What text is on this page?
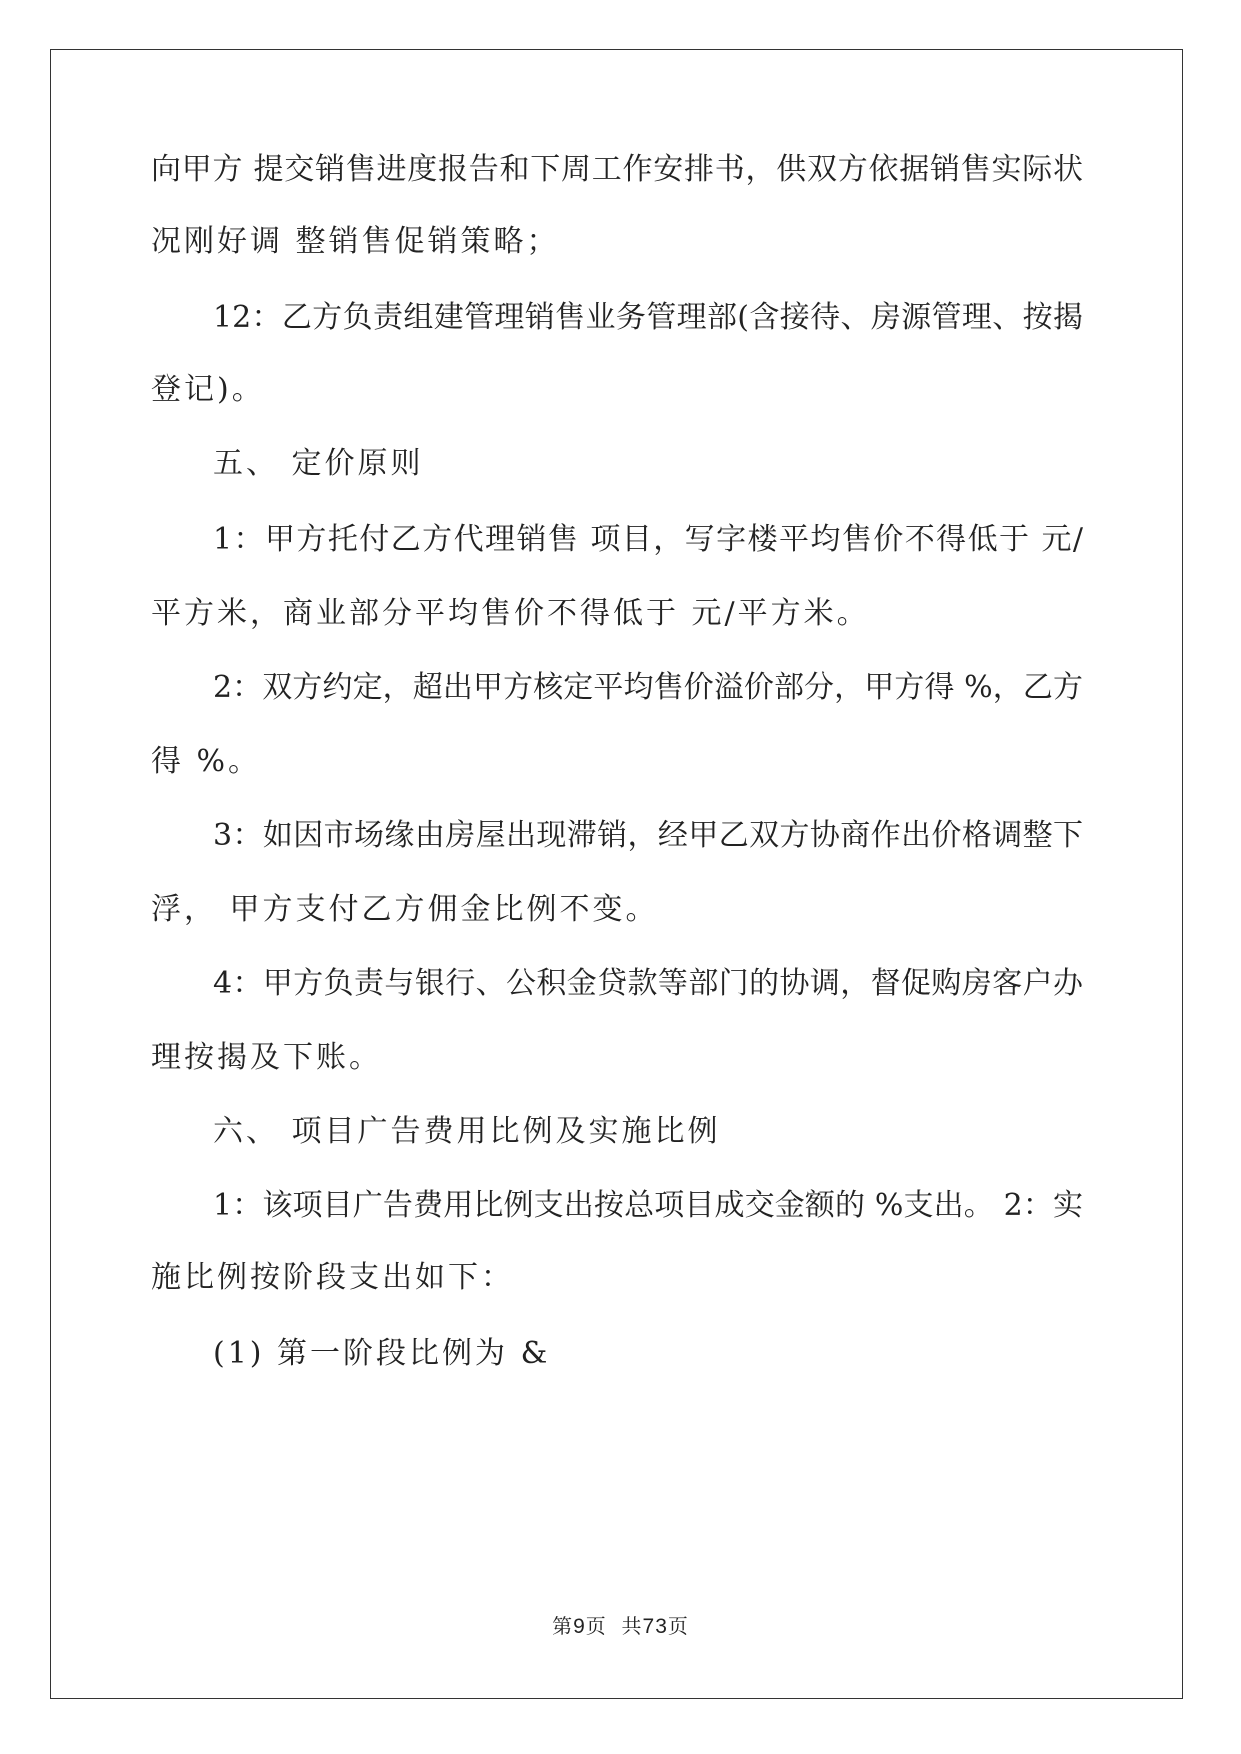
向甲方 提交销售进度报告和下周工作安排书，供双方依据销售实际状
况刚好调 整销售促销策略；
12：乙方负责组建管理销售业务管理部(含接待、房源管理、按揭
登记)。
五、 定价原则
1：甲方托付乙方代理销售 项目，写字楼平均售价不得低于 元/
平方米，商业部分平均售价不得低于 元/平方米。
2：双方约定，超出甲方核定平均售价溢价部分，甲方得 %，乙方
得 %。
3：如因市场缘由房屋出现滞销，经甲乙双方协商作出价格调整下
浮， 甲方支付乙方佣金比例不变。
4：甲方负责与银行、公积金贷款等部门的协调，督促购房客户办
理按揭及下账。
六、 项目广告费用比例及实施比例
1：该项目广告费用比例支出按总项目成交金额的 %支出。 2：实
施比例按阶段支出如下：
(1) 第一阶段比例为 &
第9页  共73页
